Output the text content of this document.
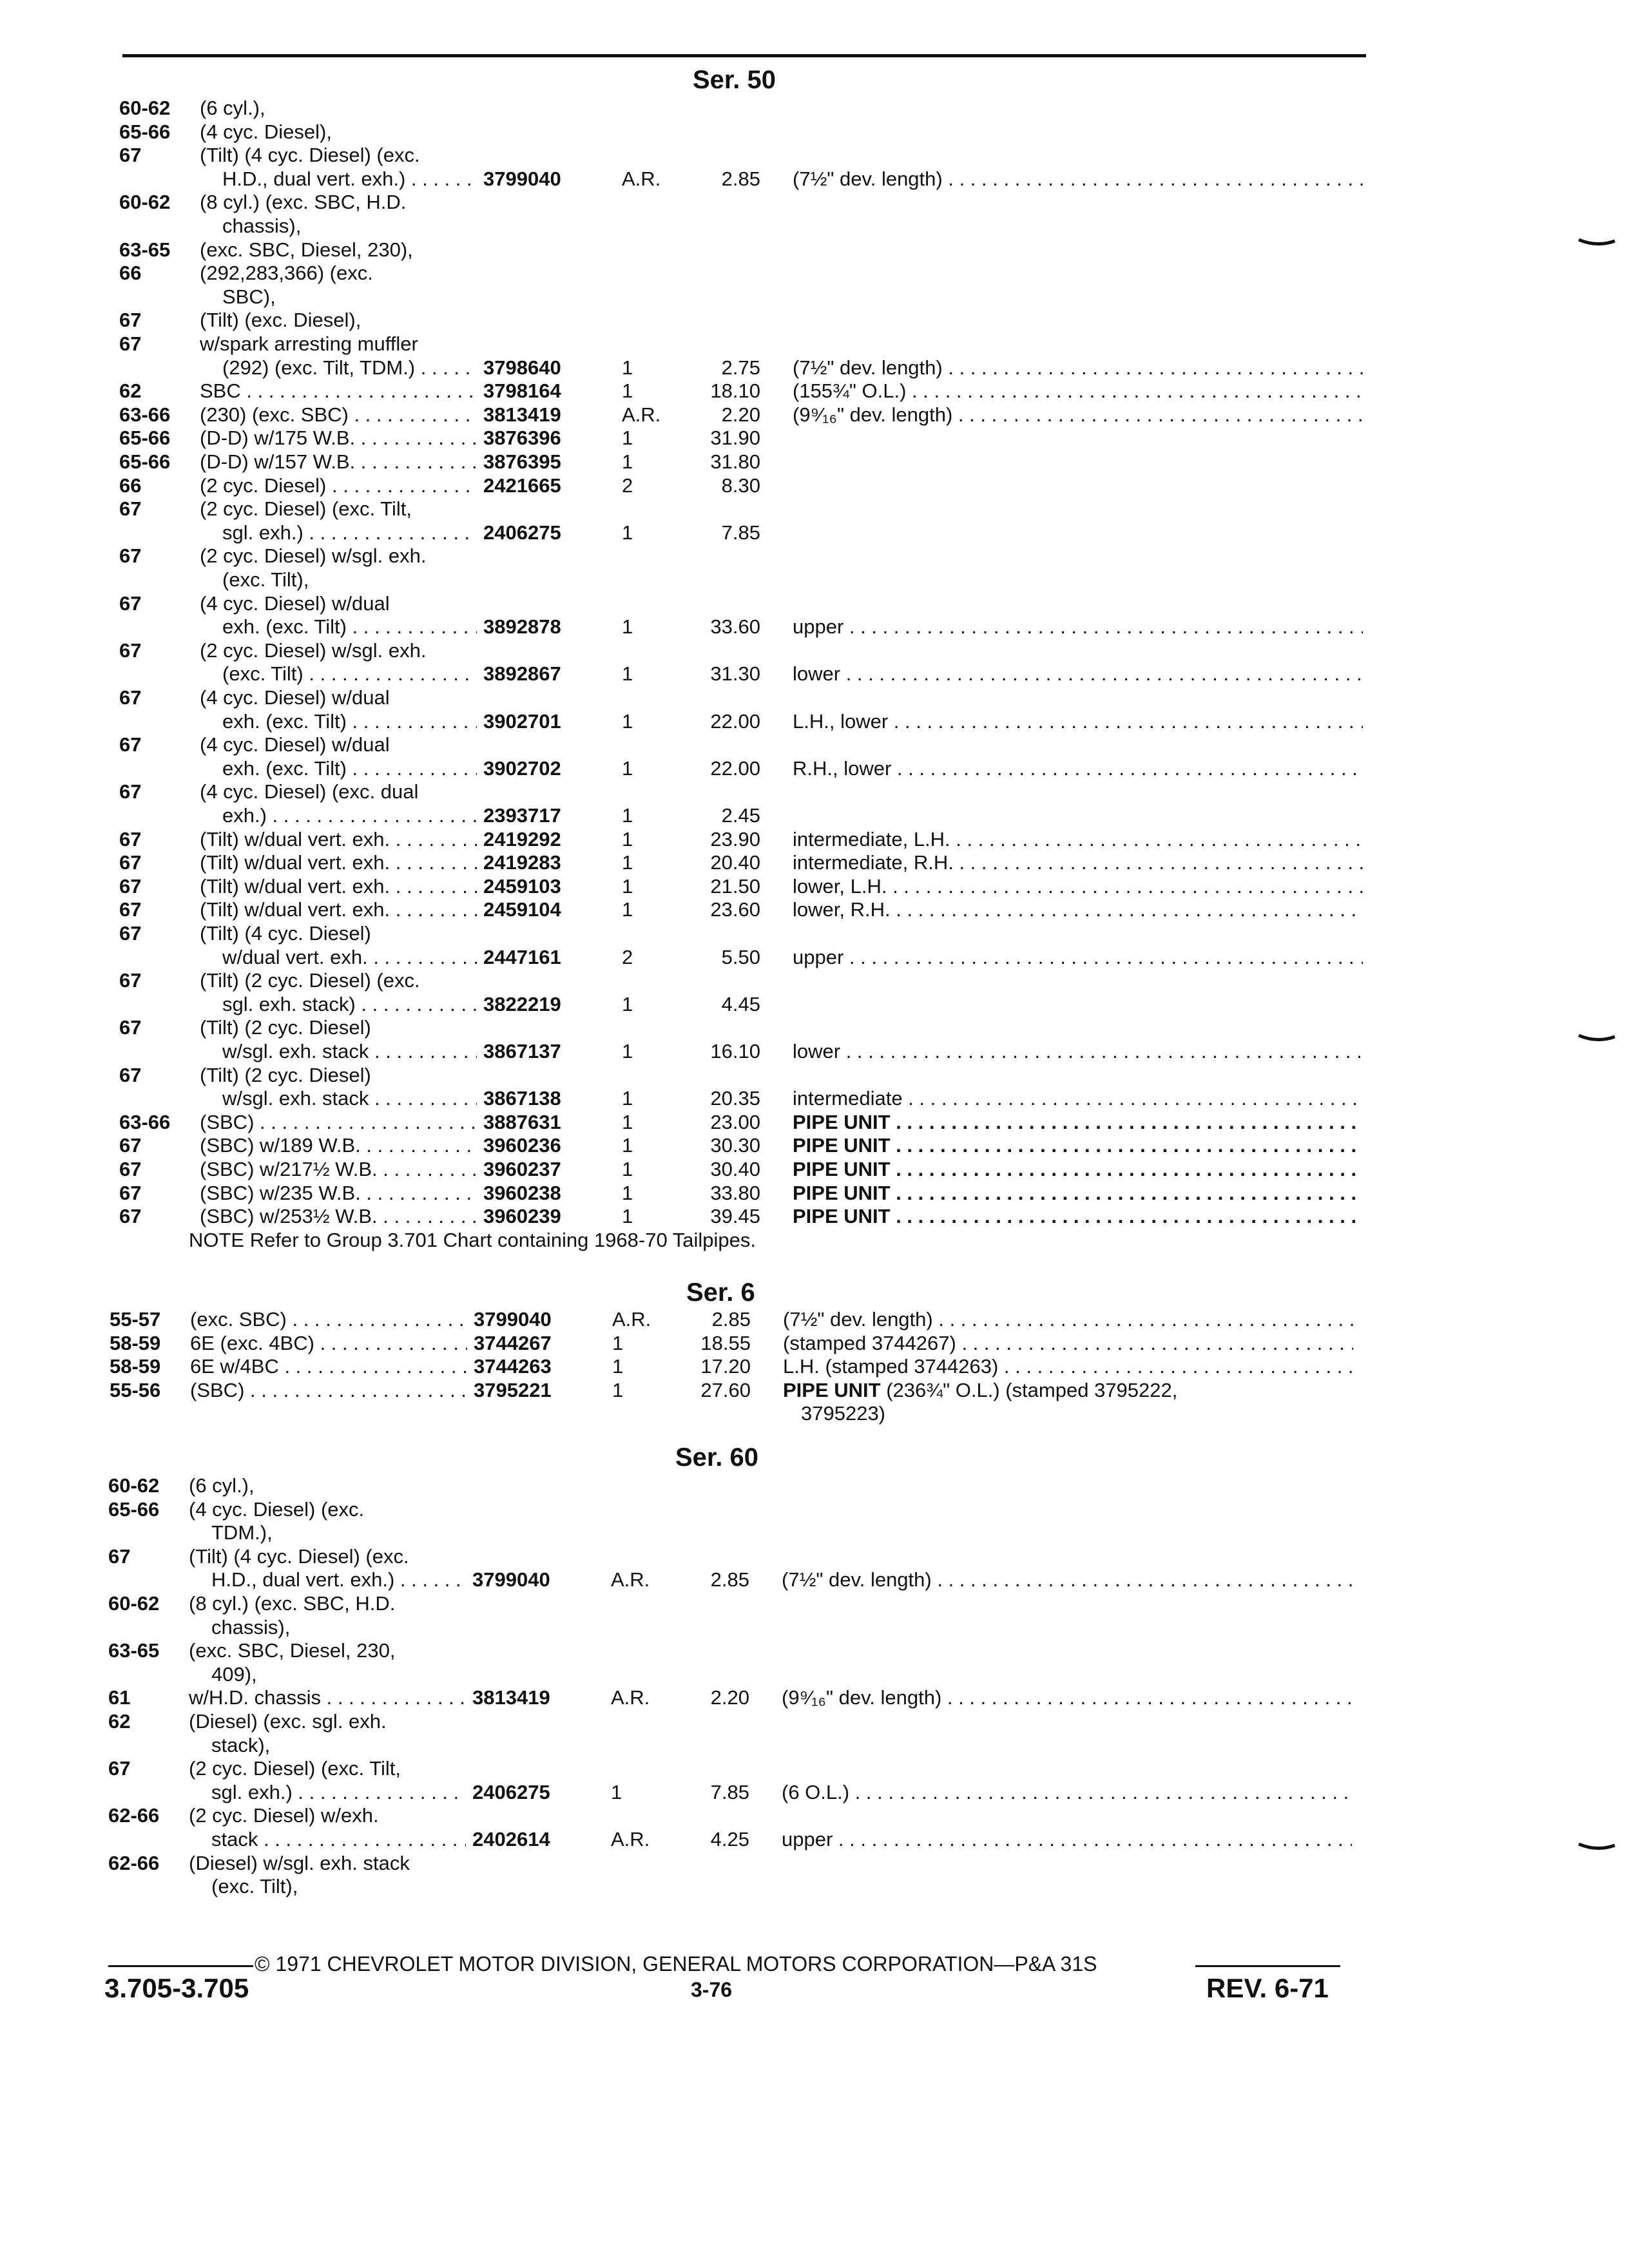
Ser. 50
60-62 (6 cyl.),
65-66 (4 cyc. Diesel),
67	(Tilt) (4 cyc. Diesel) (exc.
H.D., dual vert. exh.) . . .	3799040	A.R.	2.85 (7½" dev. length) . . .
60-62 (8 cyl.) (exc. SBC, H.D.
chassis),
63-65 (exc. SBC, Diesel, 230),
66	(292,283,366) (exc.
SBC),
67	(Tilt) (exc. Diesel),
67	w/spark arresting muffler
(292) (exc. Tilt, TDM.) . . .	3798640	1	2.75 (7½" dev. length) . . .
62	SBC . . .	3798164	1	18.10 (155¾" O.L.) . . .
63-66 (230) (exc. SBC) . . .	3813419	A.R.	2.20 (9⁹⁄₁₆" dev. length) . . .
65-66 (D-D) w/175 W.B. . . .	3876396	1	31.90
65-66 (D-D) w/157 W.B. . . .	3876395	1	31.80
66	(2 cyc. Diesel) . . .	2421665	2	8.30
67	(2 cyc. Diesel) (exc. Tilt,
sgl. exh.) . . .	2406275	1	7.85
67	(2 cyc. Diesel) w/sgl. exh.
(exc. Tilt),
67	(4 cyc. Diesel) w/dual
exh. (exc. Tilt) . . .	3892878	1	33.60 upper . . .
67	(2 cyc. Diesel) w/sgl. exh.
(exc. Tilt) . . .	3892867	1	31.30 lower . . .
67	(4 cyc. Diesel) w/dual
exh. (exc. Tilt) . . .	3902701	1	22.00 L.H., lower . . .
67	(4 cyc. Diesel) w/dual
exh. (exc. Tilt) . . .	3902702	1	22.00 R.H., lower . . .
67	(4 cyc. Diesel) (exc. dual
exh.) . . .	2393717	1	2.45
67	(Tilt) w/dual vert. exh. . . .	2419292	1	23.90 intermediate, L.H. . . .
67	(Tilt) w/dual vert. exh. . . .	2419283	1	20.40 intermediate, R.H. . . .
67	(Tilt) w/dual vert. exh. . . .	2459103	1	21.50 lower, L.H. . . .
67	(Tilt) w/dual vert. exh. . . .	2459104	1	23.60 lower, R.H. . . .
67	(Tilt) (4 cyc. Diesel)
w/dual vert. exh. . . .	2447161	2	5.50 upper . . .
67	(Tilt) (2 cyc. Diesel) (exc.
sgl. exh. stack) . . .	3822219	1	4.45
67	(Tilt) (2 cyc. Diesel)
w/sgl. exh. stack . . .	3867137	1	16.10 lower . . .
67	(Tilt) (2 cyc. Diesel)
w/sgl. exh. stack . . .	3867138	1	20.35 intermediate . . .
63-66 (SBC) . . .	3887631	1	23.00 PIPE UNIT . . .
67	(SBC) w/189 W.B. . . .	3960236	1	30.30 PIPE UNIT . . .
67	(SBC) w/217½ W.B. . . .	3960237	1	30.40 PIPE UNIT . . .
67	(SBC) w/235 W.B. . . .	3960238	1	33.80 PIPE UNIT . . .
67	(SBC) w/253½ W.B. . . .	3960239	1	39.45 PIPE UNIT . . .
NOTE Refer to Group 3.701 Chart containing 1968-70 Tailpipes.
Ser. 6
55-57 (exc. SBC) . . .	3799040	A.R.	2.85 (7½" dev. length) . . .
58-59 6E (exc. 4BC) . . .	3744267	1	18.55 (stamped 3744267) . . .
58-59 6E w/4BC . . .	3744263	1	17.20 L.H. (stamped 3744263) . . .
55-56 (SBC) . . .	3795221	1	27.60 PIPE UNIT (236¾" O.L.) (stamped 3795222,
3795223)
Ser. 60
60-62 (6 cyl.),
65-66 (4 cyc. Diesel) (exc.
TDM.),
67	(Tilt) (4 cyc. Diesel) (exc.
H.D., dual vert. exh.) . . .	3799040	A.R.	2.85 (7½" dev. length) . . .
60-62 (8 cyl.) (exc. SBC, H.D.
chassis),
63-65 (exc. SBC, Diesel, 230,
409),
61	w/H.D. chassis . . .	3813419	A.R.	2.20 (9⁹⁄₁₆" dev. length) . . .
62	(Diesel) (exc. sgl. exh.
stack),
67	(2 cyc. Diesel) (exc. Tilt,
sgl. exh.) . . .	2406275	1	7.85 (6 O.L.) . . .
62-66 (2 cyc. Diesel) w/exh.
stack . . .	2402614	A.R.	4.25 upper . . .
62-66 (Diesel) w/sgl. exh. stack
(exc. Tilt),
© 1971 CHEVROLET MOTOR DIVISION, GENERAL MOTORS CORPORATION—P&A 31S
3.705-3.705	3-76	REV. 6-71
